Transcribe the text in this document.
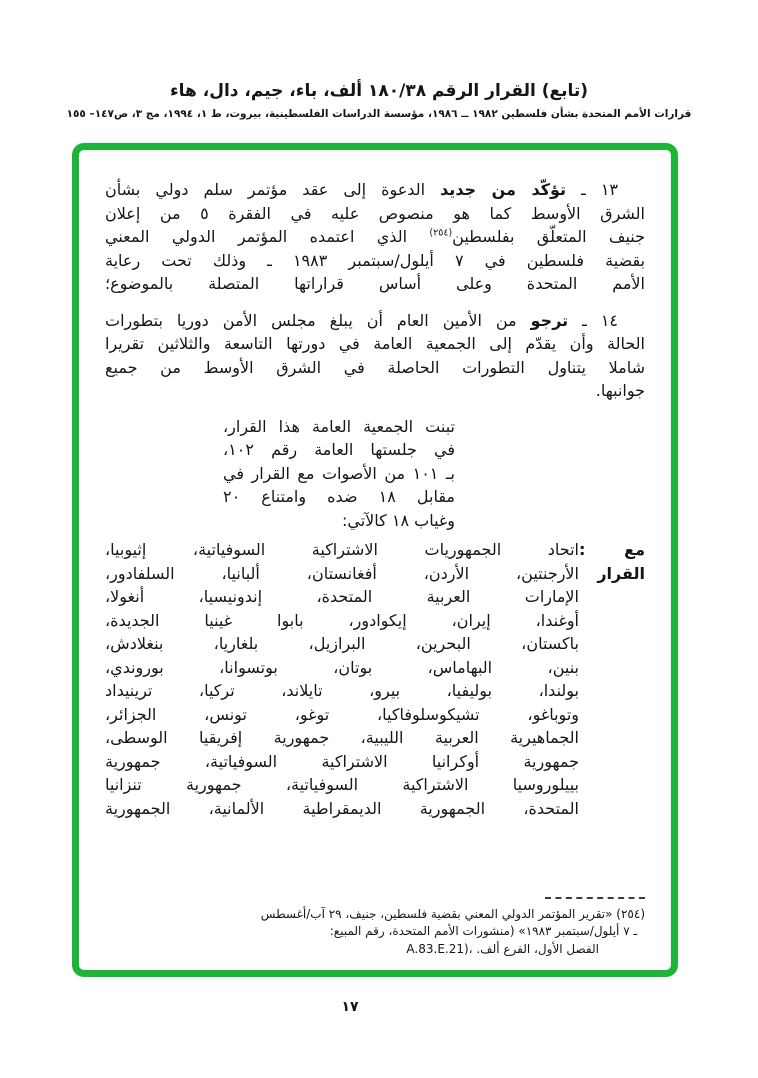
(تابع) القرار الرقم ١٨٠/٣٨ ألف، باء، جيم، دال، هاء
قرارات الأمم المتحدة بشأن فلسطين ١٩٨٢ ــ ١٩٨٦، مؤسسة الدراسات الفلسطينية، بيروت، ط ١، ١٩٩٤، مج ٣، ص١٤٧– ١٥٥
١٣ ـ تؤكّد من جديد الدعوة إلى عقد مؤتمر سلم دولي بشأن
الشرق الأوسط كما هو منصوص عليه في الفقرة ٥ من إعلان
جنيف المتعلّق بفلسطين$^{(٢٥٤)}$ الذي اعتمده المؤتمر الدولي المعني
بقضية فلسطين في ٧ أيلول/سبتمبر ١٩٨٣ ـ وذلك تحت رعاية
الأمم المتحدة وعلى أساس قراراتها المتصلة بالموضوع؛
١٤ ـ ترجو من الأمين العام أن يبلغ مجلس الأمن دوريا بتطورات
الحالة وأن يقدّم إلى الجمعية العامة في دورتها التاسعة والثلاثين تقريرا
شاملا يتناول التطورات الحاصلة في الشرق الأوسط من جميع
جوانبها.
تبنت الجمعية العامة هذا القرار،
في جلستها العامة رقم ١٠٢،
بـ ١٠١ من الأصوات مع القرار في
مقابل ١٨ ضده وامتناع ٢٠
وغياب ١٨ كالآتي:
مع القرار
:
اتحاد الجمهوريات الاشتراكية السوفياتية، إثيوبيا،
الأرجنتين، الأردن، أفغانستان، ألبانيا، السلفادور،
الإمارات العربية المتحدة، إندونيسيا، أنغولا،
أوغندا، إيران، إيكوادور، بابوا غينيا الجديدة،
باكستان، البحرين، البرازيل، بلغاريا، بنغلادش،
بنين، البهاماس، بوتان، بوتسوانا، بوروندي،
بولندا، بوليفيا، بيرو، تايلاند، تركيا، ترينيداد
وتوباغو، تشيكوسلوفاكيا، توغو، تونس، الجزائر،
الجماهيرية العربية الليبية، جمهورية إفريقيا الوسطى،
جمهورية أوكرانيا الاشتراكية السوفياتية، جمهورية
بييلوروسيا الاشتراكية السوفياتية، جمهورية تنزانيا
المتحدة، الجمهورية الديمقراطية الألمانية، الجمهورية
(٢٥٤) «تقرير المؤتمر الدولي المعني بقضية فلسطين، جنيف، ٢٩ آب/أغسطس
ـ ٧ أيلول/سبتمبر ١٩٨٣» (منشورات الأمم المتحدة، رقم المبيع:
A.83.E.21)، الفصل الأول، الفرع ألف.
١٧
